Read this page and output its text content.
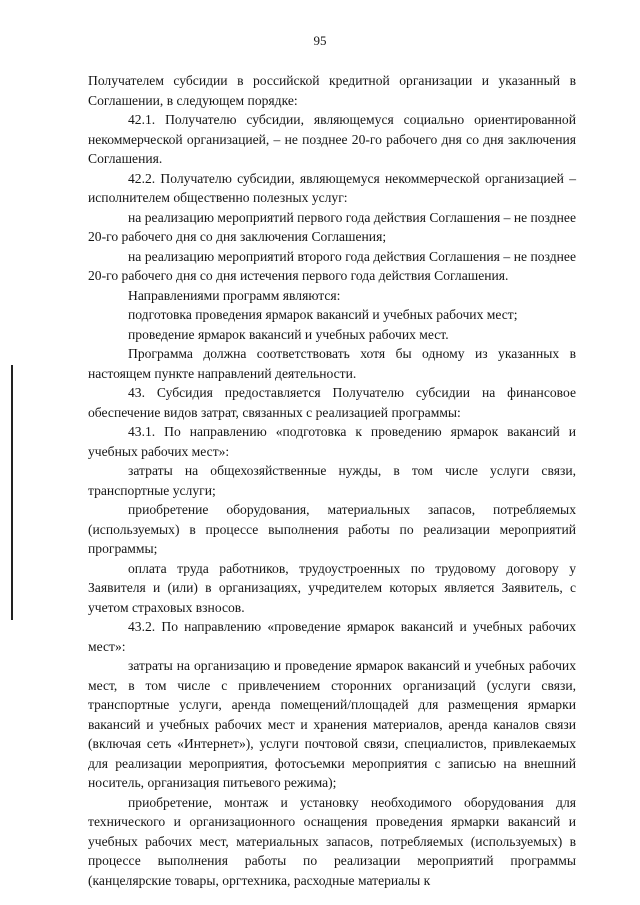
95

Получателем субсидии в российской кредитной организации и указанный в Соглашении, в следующем порядке:

42.1. Получателю субсидии, являющемуся социально ориентированной некоммерческой организацией, – не позднее 20-го рабочего дня со дня заключения Соглашения.

42.2. Получателю субсидии, являющемуся некоммерческой организацией – исполнителем общественно полезных услуг:

на реализацию мероприятий первого года действия Соглашения – не позднее 20-го рабочего дня со дня заключения Соглашения;

на реализацию мероприятий второго года действия Соглашения – не позднее 20-го рабочего дня со дня истечения первого года действия Соглашения.

Направлениями программ являются:

подготовка проведения ярмарок вакансий и учебных рабочих мест;

проведение ярмарок вакансий и учебных рабочих мест.

Программа должна соответствовать хотя бы одному из указанных в настоящем пункте направлений деятельности.

43. Субсидия предоставляется Получателю субсидии на финансовое обеспечение видов затрат, связанных с реализацией программы:

43.1. По направлению «подготовка к проведению ярмарок вакансий и учебных рабочих мест»:

затраты на общехозяйственные нужды, в том числе услуги связи, транспортные услуги;

приобретение оборудования, материальных запасов, потребляемых (используемых) в процессе выполнения работы по реализации мероприятий программы;

оплата труда работников, трудоустроенных по трудовому договору у Заявителя и (или) в организациях, учредителем которых является Заявитель, с учетом страховых взносов.

43.2. По направлению «проведение ярмарок вакансий и учебных рабочих мест»:

затраты на организацию и проведение ярмарок вакансий и учебных рабочих мест, в том числе с привлечением сторонних организаций (услуги связи, транспортные услуги, аренда помещений/площадей для размещения ярмарки вакансий и учебных рабочих мест и хранения материалов, аренда каналов связи (включая сеть «Интернет»), услуги почтовой связи, специалистов, привлекаемых для реализации мероприятия, фотосъемки мероприятия с записью на внешний носитель, организация питьевого режима);

приобретение, монтаж и установку необходимого оборудования для технического и организационного оснащения проведения ярмарки вакансий и учебных рабочих мест, материальных запасов, потребляемых (используемых) в процессе выполнения работы по реализации мероприятий программы (канцелярские товары, оргтехника, расходные материалы к
